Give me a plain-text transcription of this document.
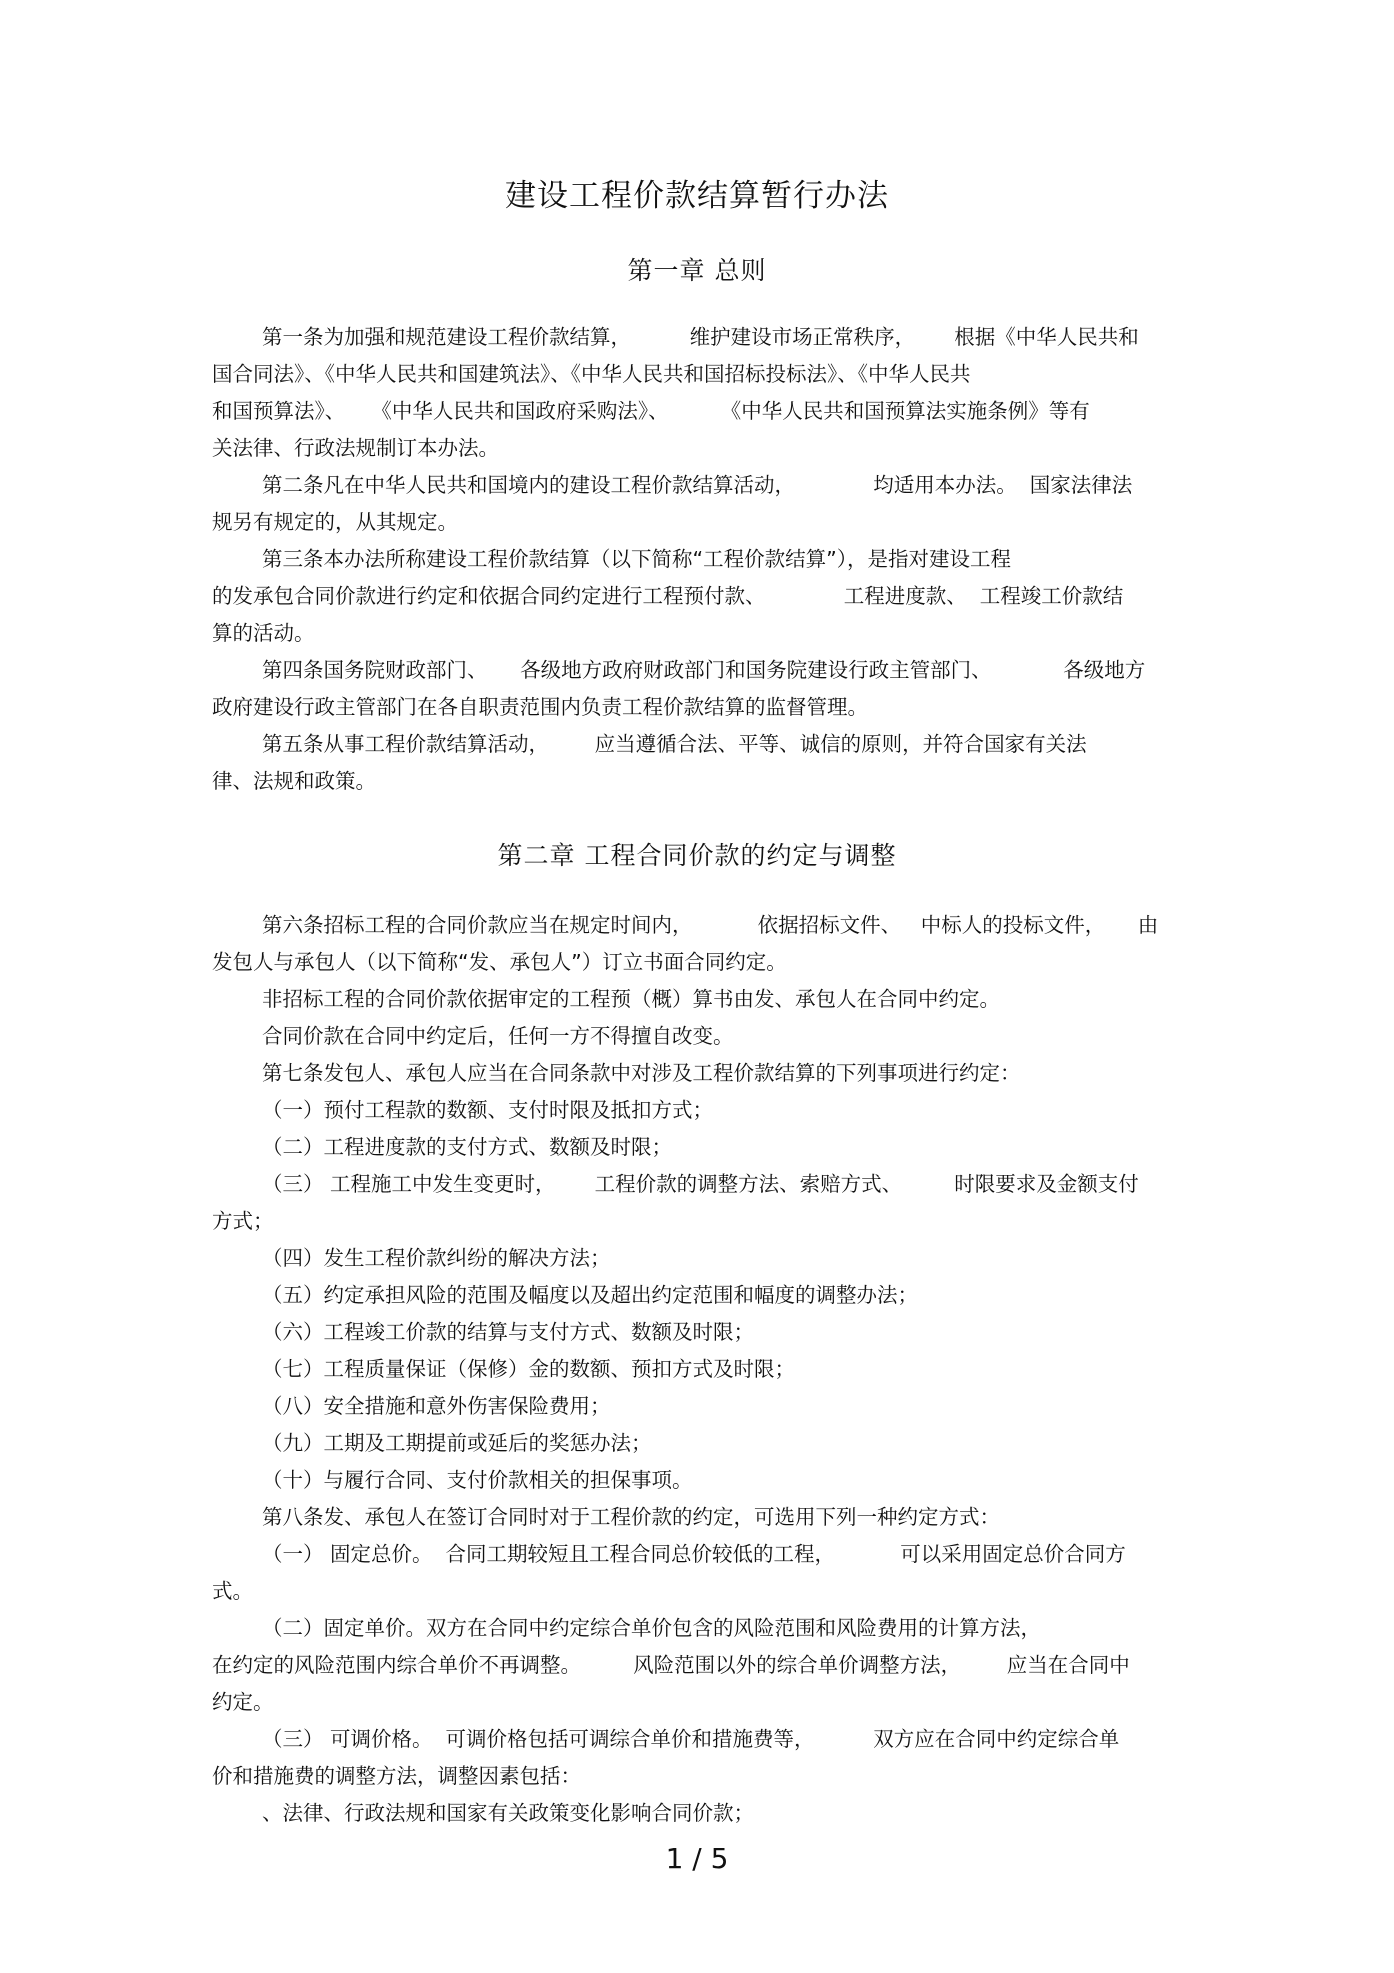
建设工程价款结算暂行办法
第一章 总则
第二章 工程合同价款的约定与调整
第一条为加强和规范建设工程价款结算，         维护建设市场正常秩序，      根据《中华人民共和
国合同法》、《中华人民共和国建筑法》、《中华人民共和国招标投标法》、《中华人民共
和国预算法》、    《中华人民共和国政府采购法》、        《中华人民共和国预算法实施条例》等有
关法律、行政法规制订本办法。
第二条凡在中华人民共和国境内的建设工程价款结算活动，            均适用本办法。  国家法律法
规另有规定的，从其规定。
第三条本办法所称建设工程价款结算（以下简称“工程价款结算”），是指对建设工程
的发承包合同价款进行约定和依据合同约定进行工程预付款、            工程进度款、  工程竣工价款结
算的活动。
第四条国务院财政部门、     各级地方政府财政部门和国务院建设行政主管部门、           各级地方
政府建设行政主管部门在各自职责范围内负责工程价款结算的监督管理。
第五条从事工程价款结算活动，       应当遵循合法、平等、诚信的原则，并符合国家有关法
律、法规和政策。
第六条招标工程的合同价款应当在规定时间内，          依据招标文件、   中标人的投标文件，     由
发包人与承包人（以下简称“发、承包人”）订立书面合同约定。
非招标工程的合同价款依据审定的工程预（概）算书由发、承包人在合同中约定。
合同价款在合同中约定后，任何一方不得擅自改变。
第七条发包人、承包人应当在合同条款中对涉及工程价款结算的下列事项进行约定：
（一）预付工程款的数额、支付时限及抵扣方式；
（二）工程进度款的支付方式、数额及时限；
（三） 工程施工中发生变更时，      工程价款的调整方法、索赔方式、        时限要求及金额支付
方式；
（四）发生工程价款纠纷的解决方法；
（五）约定承担风险的范围及幅度以及超出约定范围和幅度的调整办法；
（六）工程竣工价款的结算与支付方式、数额及时限；
（七）工程质量保证（保修）金的数额、预扣方式及时限；
（八）安全措施和意外伤害保险费用；
（九）工期及工期提前或延后的奖惩办法；
（十）与履行合同、支付价款相关的担保事项。
第八条发、承包人在签订合同时对于工程价款的约定，可选用下列一种约定方式：
（一） 固定总价。  合同工期较短且工程合同总价较低的工程，          可以采用固定总价合同方
式。
（二）固定单价。双方在合同中约定综合单价包含的风险范围和风险费用的计算方法，
在约定的风险范围内综合单价不再调整。        风险范围以外的综合单价调整方法，       应当在合同中
约定。
（三） 可调价格。  可调价格包括可调综合单价和措施费等，         双方应在合同中约定综合单
价和措施费的调整方法，调整因素包括：
、法律、行政法规和国家有关政策变化影响合同价款；
1 / 5
